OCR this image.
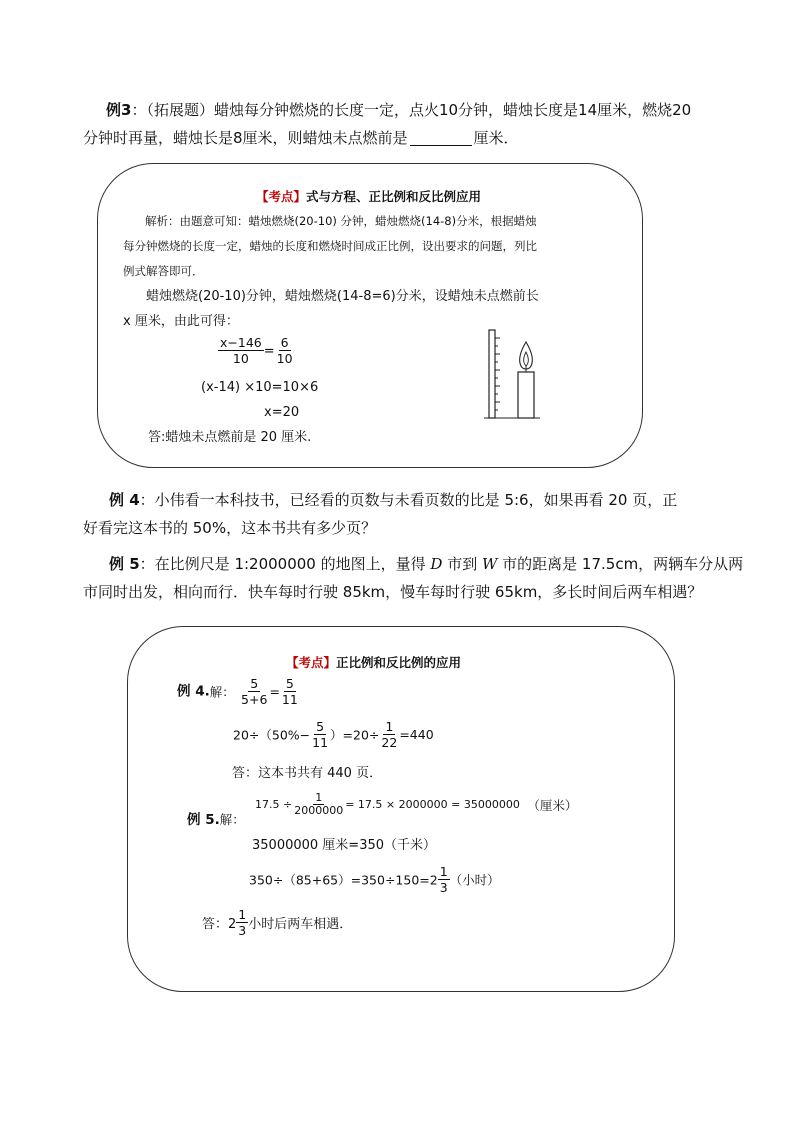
例3：（拓展题）蜡烛每分钟燃烧的长度一定，点火10分钟，蜡烛长度是14厘米，燃烧20
分钟时再量，蜡烛长是8厘米，则蜡烛未点燃前是	厘米．
【考点】式与方程、正比例和反比例应用
解析：由题意可知：蜡烛燃烧(20-10) 分钟，蜡烛燃烧(14-8)分米，根据蜡烛
每分钟燃烧的长度一定，蜡烛的长度和燃烧时间成正比例，设出要求的问题，列比
例式解答即可．
蜡烛燃烧(20-10)分钟，蜡烛燃烧(14-8=6)分米，设蜡烛未点燃前长
x 厘米，由此可得：
$\frac{x-146}{10} = \frac{6}{10}$
(x-14) ×10=10×6
x=20
答:蜡烛未点燃前是 20 厘米.
例 4：小伟看一本科技书，已经看的页数与未看页数的比是 5:6，如果再看 20 页，正
好看完这本书的 50%，这本书共有多少页？
例 5：在比例尺是 1:2000000 的地图上，量得 D 市到 W 市的距离是 17.5cm，两辆车分从两
市同时出发，相向而行．快车每时行驶 85km，慢车每时行驶 65km，多长时间后两车相遇？
【考点】正比例和反比例的应用
例 4.解： $\frac{5}{5+6} = \frac{5}{11}$
$20\div(50\%- \frac{5}{11} )=20\div \frac{1}{22} =440$
答：这本书共有 440 页．
例 5.解：
$17.5 \div \frac{1}{2000000} = 17.5 \times 2000000 = 35000000$ （厘米）
35000000 厘米=350（千米）
$350\div(85+65)=350\div 150=2 \frac{1}{3}$ （小时）
答：$2 \frac{1}{3}$ 小时后两车相遇．
